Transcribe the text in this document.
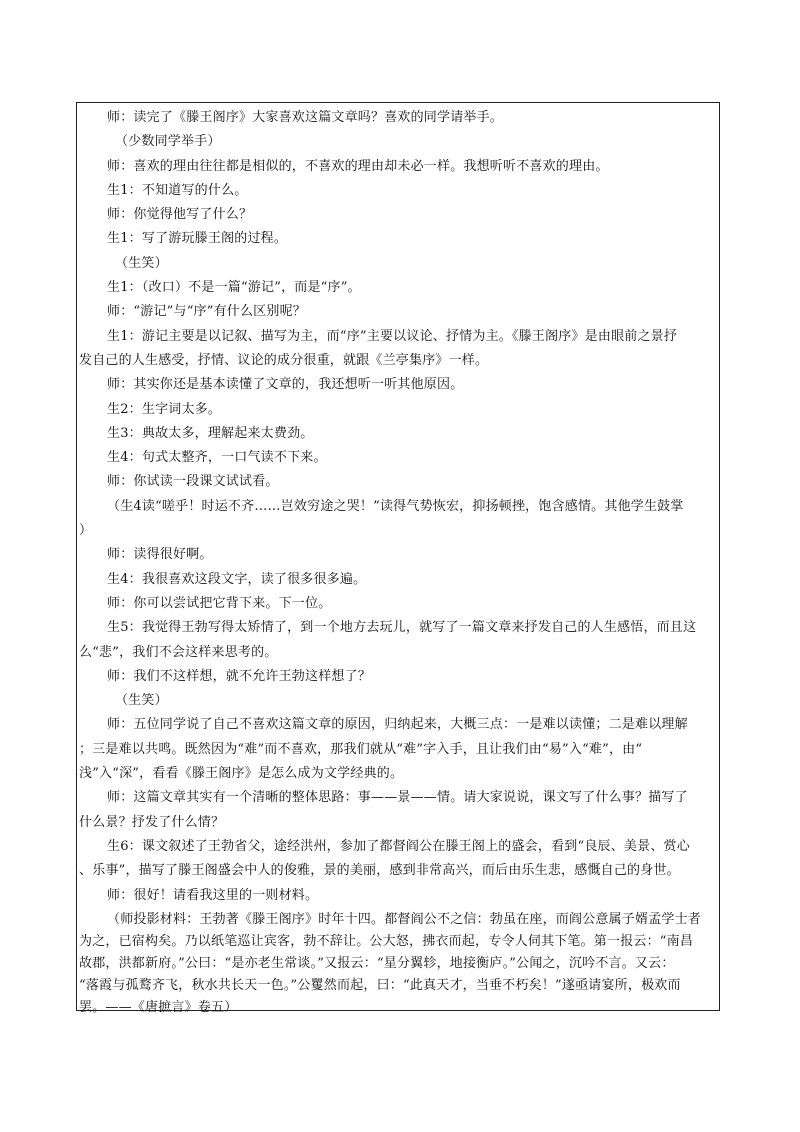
师：读完了《滕王阁序》大家喜欢这篇文章吗？喜欢的同学请举手。
（少数同学举手）
师：喜欢的理由往往都是相似的，不喜欢的理由却未必一样。我想听听不喜欢的理由。
生1：不知道写的什么。
师：你觉得他写了什么？
生1：写了游玩滕王阁的过程。
（生笑）
生1：（改口）不是一篇“游记”，而是“序”。
师：“游记”与“序”有什么区别呢？
生1：游记主要是以记叙、描写为主，而“序”主要以议论、抒情为主。《滕王阁序》是由眼前之景抒
发自己的人生感受，抒情、议论的成分很重，就跟《兰亭集序》一样。
师：其实你还是基本读懂了文章的，我还想听一听其他原因。
生2：生字词太多。
生3：典故太多，理解起来太费劲。
生4：句式太整齐，一口气读不下来。
师：你试读一段课文试试看。
（生4读“嗟乎！时运不齐……岂效穷途之哭！”读得气势恢宏，抑扬顿挫，饱含感情。其他学生鼓掌
）
师：读得很好啊。
生4：我很喜欢这段文字，读了很多很多遍。
师：你可以尝试把它背下来。下一位。
生5：我觉得王勃写得太矫情了，到一个地方去玩儿，就写了一篇文章来抒发自己的人生感悟，而且这
么“悲”，我们不会这样来思考的。
师：我们不这样想，就不允许王勃这样想了？
（生笑）
师：五位同学说了自己不喜欢这篇文章的原因，归纳起来，大概三点：一是难以读懂；二是难以理解
；三是难以共鸣。既然因为“难”而不喜欢，那我们就从“难”字入手，且让我们由“易”入“难”，由“
浅”入“深”，看看《滕王阁序》是怎么成为文学经典的。
师：这篇文章其实有一个清晰的整体思路：事——景——情。请大家说说，课文写了什么事？描写了
什么景？抒发了什么情？
生6：课文叙述了王勃省父，途经洪州，参加了都督阎公在滕王阁上的盛会，看到“良辰、美景、赏心
、乐事”，描写了滕王阁盛会中人的俊雅，景的美丽，感到非常高兴，而后由乐生悲，感慨自己的身世。
师：很好！请看我这里的一则材料。
（师投影材料：王勃著《滕王阁序》时年十四。都督阎公不之信：勃虽在座，而阎公意属子婿孟学士者
为之，已宿构矣。乃以纸笔巡让宾客，勃不辞让。公大怒，拂衣而起，专令人伺其下笔。第一报云：“南昌
故郡，洪都新府。”公曰：“是亦老生常谈。”又报云：“星分翼轸，地接衡庐。”公闻之，沉吟不言。又云：
“落霞与孤鹜齐飞，秋水共长天一色。”公矍然而起，曰：“此真天才，当垂不朽矣！”遂亟请宴所，极欢而
罢。——《唐摭言》卷五）
